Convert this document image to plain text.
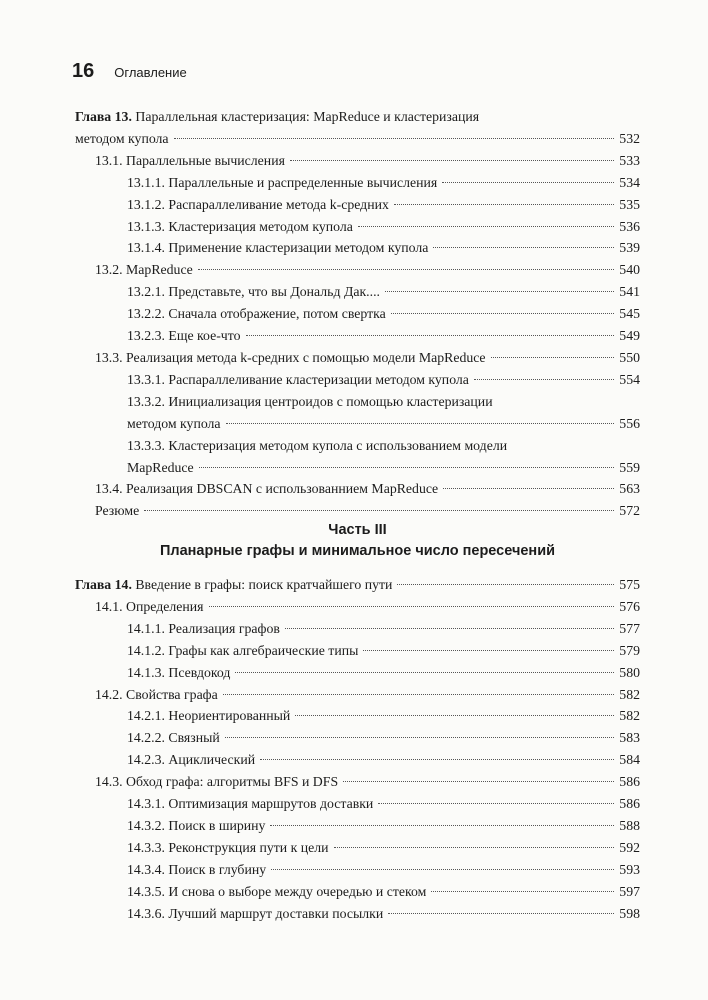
16 Оглавление
Глава 13. Параллельная кластеризация: MapReduce и кластеризация
методом купола	532
13.1. Параллельные вычисления	533
13.1.1. Параллельные и распределенные вычисления	534
13.1.2. Распараллеливание метода k-средних	535
13.1.3. Кластеризация методом купола	536
13.1.4. Применение кластеризации методом купола	539
13.2. MapReduce	540
13.2.1. Представьте, что вы Дональд Дак....	541
13.2.2. Сначала отображение, потом свертка	545
13.2.3. Еще кое-что	549
13.3. Реализация метода k-средних с помощью модели MapReduce	550
13.3.1. Распараллеливание кластеризации методом купола	554
13.3.2. Инициализация центроидов с помощью кластеризации
методом купола	556
13.3.3. Кластеризация методом купола с использованием модели
MapReduce	559
13.4. Реализация DBSCAN с использованнием MapReduce	563
Резюме	572
Часть III
Планарные графы и минимальное число пересечений
Глава 14. Введение в графы: поиск кратчайшего пути	575
14.1. Определения	576
14.1.1. Реализация графов	577
14.1.2. Графы как алгебраические типы	579
14.1.3. Псевдокод	580
14.2. Свойства графа	582
14.2.1. Неориентированный	582
14.2.2. Связный	583
14.2.3. Ациклический	584
14.3. Обход графа: алгоритмы BFS и DFS	586
14.3.1. Оптимизация маршрутов доставки	586
14.3.2. Поиск в ширину	588
14.3.3. Реконструкция пути к цели	592
14.3.4. Поиск в глубину	593
14.3.5. И снова о выборе между очередью и стеком	597
14.3.6. Лучший маршрут доставки посылки	598
